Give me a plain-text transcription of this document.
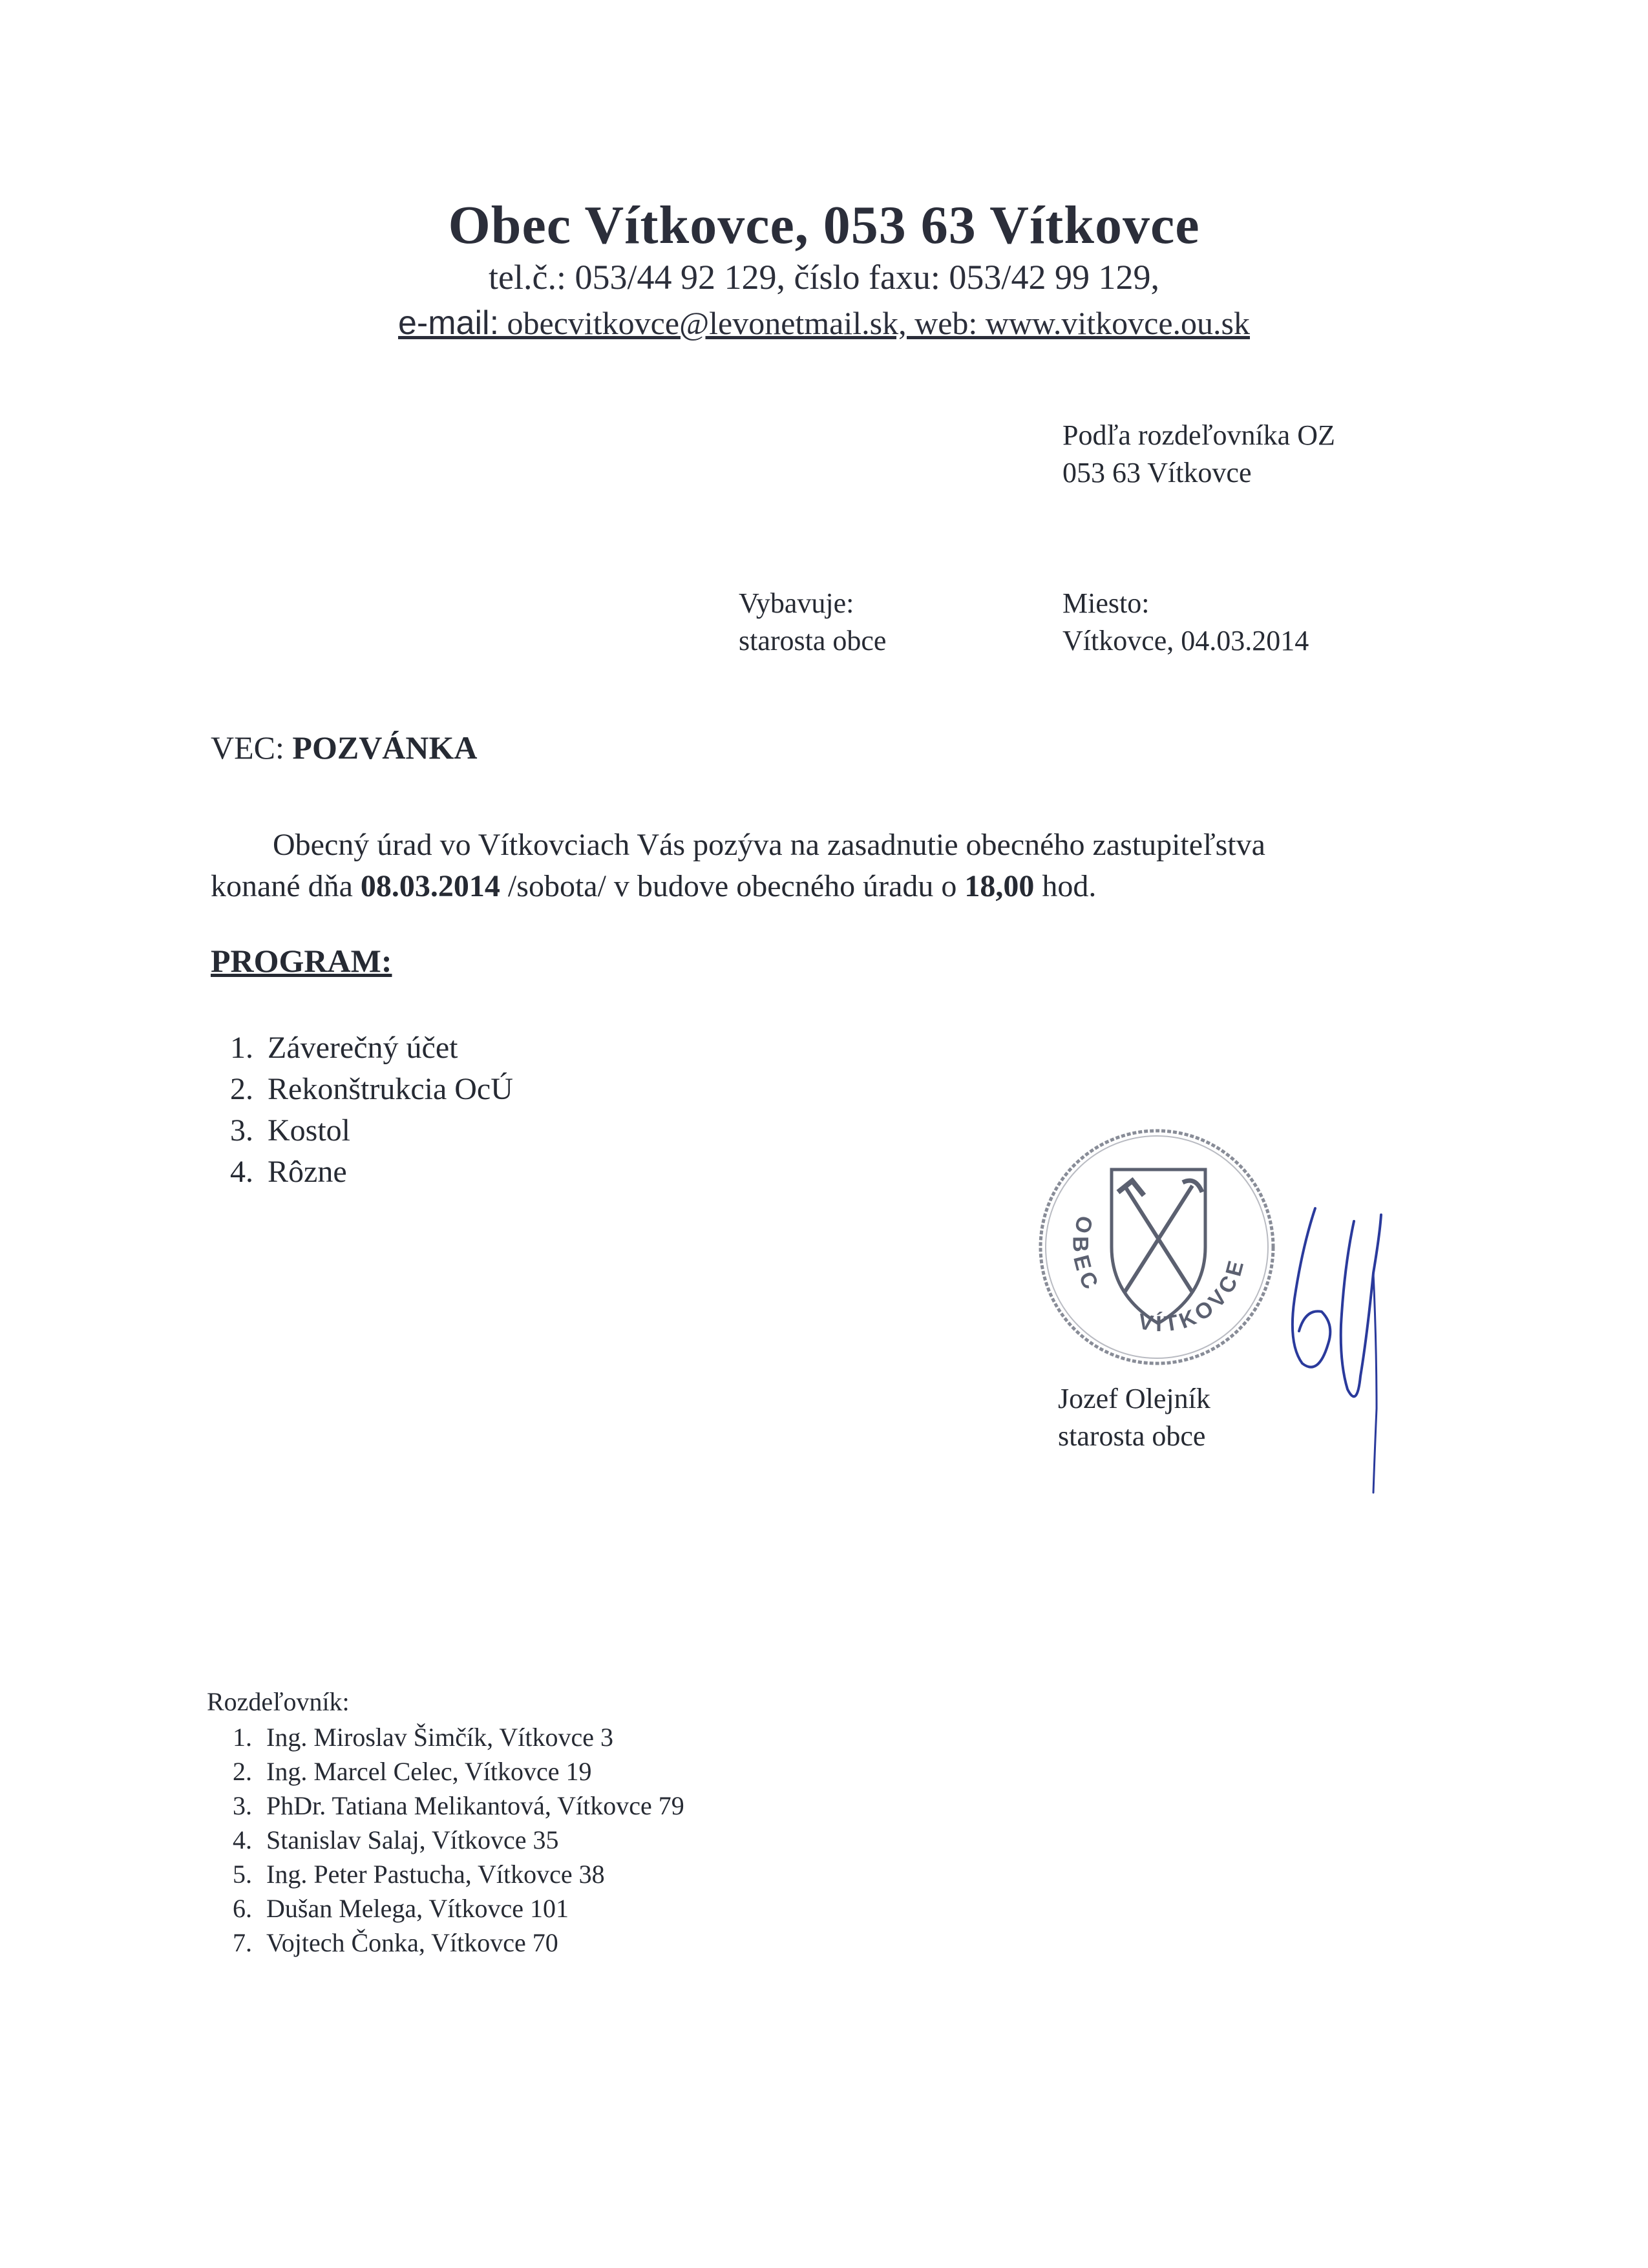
Obec Vítkovce, 053 63 Vítkovce
tel.č.: 053/44 92 129, číslo faxu: 053/42 99 129,
e-mail: obecvitkovce@levonetmail.sk, web: www.vitkovce.ou.sk
Podľa rozdeľovníka OZ
053 63 Vítkovce
Vybavuje:
starosta obce
Miesto:
Vítkovce, 04.03.2014
VEC: POZVÁNKA
Obecný úrad vo Vítkovciach Vás pozýva na zasadnutie obecného zastupiteľstva
konané dňa 08.03.2014 /sobota/ v budove obecného úradu o 18,00 hod.
PROGRAM:
1. Záverečný účet
2. Rekonštrukcia OcÚ
3. Kostol
4. Rôzne
OBEC
VÍTKOVCE
Jozef Olejník
starosta obce
Rozdeľovník:
1. Ing. Miroslav Šimčík, Vítkovce 3
2. Ing. Marcel Celec, Vítkovce 19
3. PhDr. Tatiana Melikantová, Vítkovce 79
4. Stanislav Salaj, Vítkovce 35
5. Ing. Peter Pastucha, Vítkovce 38
6. Dušan Melega, Vítkovce 101
7. Vojtech Čonka, Vítkovce 70
